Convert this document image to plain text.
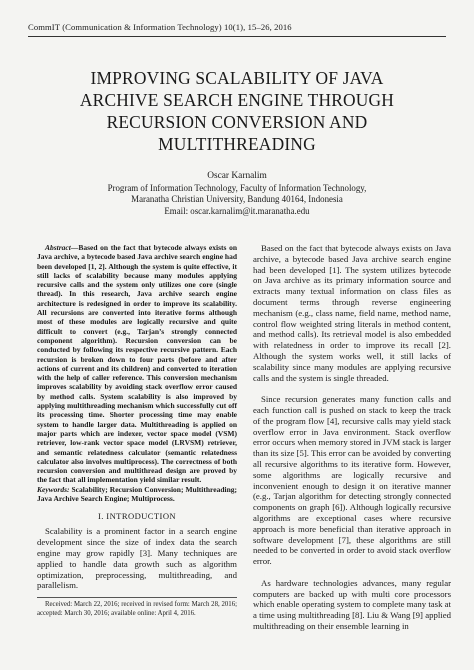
CommIT (Communication & Information Technology) 10(1), 15–26, 2016
IMPROVING SCALABILITY OF JAVA
ARCHIVE SEARCH ENGINE THROUGH
RECURSION CONVERSION AND
MULTITHREADING
Oscar Karnalim
Program of Information Technology, Faculty of Information Technology,
Maranatha Christian University, Bandung 40164, Indonesia
Email: oscar.karnalim@it.maranatha.edu

Abstract—Based on the fact that bytecode always exists on Java archive, a bytecode based Java archive search engine had been developed [1, 2]. Although the system is quite effective, it still lacks of scalability because many modules applying recursive calls and the system only utilizes one core (single thread). In this research, Java archive search engine architecture is redesigned in order to improve its scalability. All recursions are converted into iterative forms although most of these modules are logically recursive and quite difficult to convert (e.g., Tarjan’s strongly connected component algorithm). Recursion conversion can be conducted by following its respective recursive pattern. Each recursion is broken down to four parts (before and after actions of current and its children) and converted to iteration with the help of caller reference. This conversion mechanism improves scalability by avoiding stack overflow error caused by method calls. System scalability is also improved by applying multithreading mechanism which successfully cut off its processing time. Shorter processing time may enable system to handle larger data. Multithreading is applied on major parts which are indexer, vector space model (VSM) retriever, low-rank vector space model (LRVSM) retriever, and semantic relatedness calculator (semantic relatedness calculator also involves multiprocess). The correctness of both recursion conversion and multithread design are proved by the fact that all implementation yield similar result.

Keywords: Scalability; Recursion Conversion; Multithreading; Java Archive Search Engine; Multiprocess.

I. INTRODUCTION

Scalability is a prominent factor in a search engine development since the size of index data the search engine may grow rapidly [3]. Many techniques are applied to handle data growth such as algorithm optimization, preprocessing, multithreading, and parallelism.

Received: March 22, 2016; received in revised form: March 28, 2016; accepted: March 30, 2016; available online: April 4, 2016.

Based on the fact that bytecode always exists on Java archive, a bytecode based Java archive search engine had been developed [1]. The system utilizes bytecode on Java archive as its primary information source and extracts many textual information on class files as document terms through reverse engineering mechanism (e.g., class name, field name, method name, control flow weighted string literals in method content, and method calls). Its retrieval model is also embedded with relatedness in order to improve its recall [2]. Although the system works well, it still lacks of scalability since many modules are applying recursive calls and the system is single threaded.

Since recursion generates many function calls and each function call is pushed on stack to keep the track of the program flow [4], recursive calls may yield stack overflow error in Java environment. Stack overflow error occurs when memory stored in JVM stack is larger than its size [5]. This error can be avoided by converting all recursive algorithms to its iterative form. However, some algorithms are logically recursive and inconvenient enough to design it on iterative manner (e.g., Tarjan algorithm for detecting strongly connected components on graph [6]). Although logically recursive algorithms are exceptional cases where recursive approach is more beneficial than iterative approach in software development [7], these algorithms are still needed to be converted in order to avoid stack overflow error.

As hardware technologies advances, many regular computers are backed up with multi core processors which enable operating system to complete many task at a time using multithreading [8]. Liu & Wang [9] applied multithreading on their ensemble learning in
